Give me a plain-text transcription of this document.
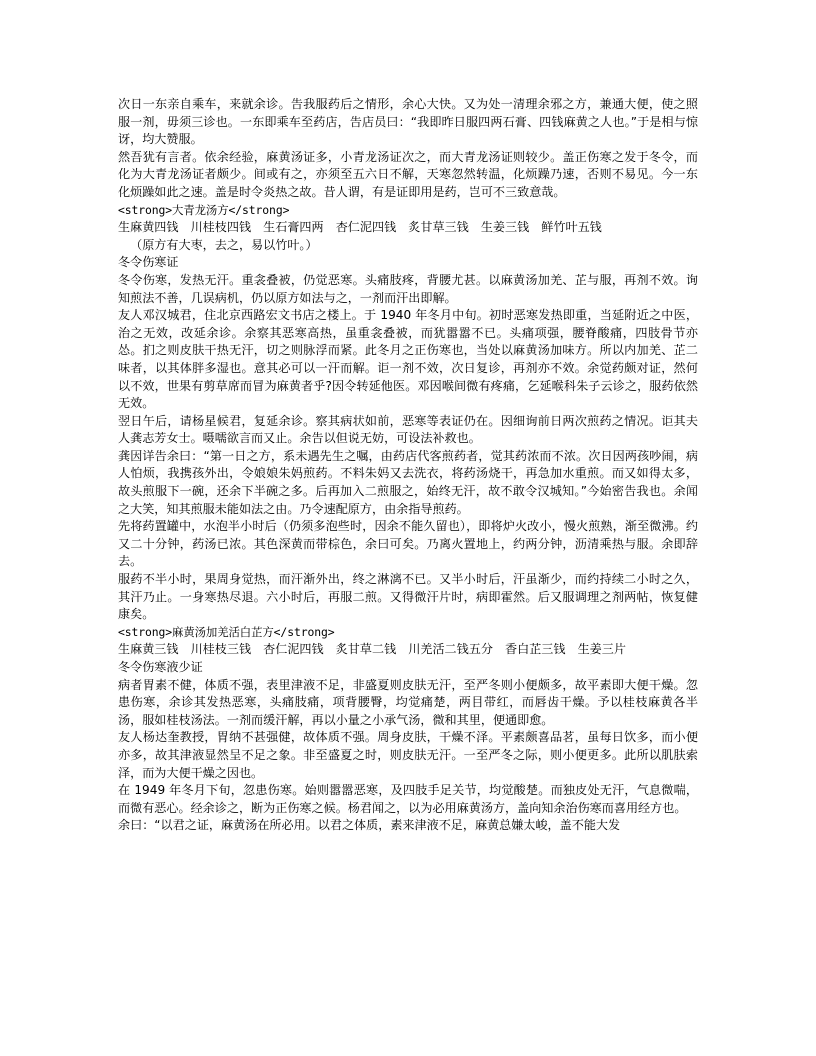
次日一东亲自乘车，来就余诊。告我服药后之情形，余心大快。又为处一清理余邪之方，兼通大便，使之照服一剂，毋须三诊也。一东即乘车至药店，告店员曰：“我即昨日服四两石膏、四钱麻黄之人也。”于是相与惊讶，均大赞服。

然吾犹有言者。依余经验，麻黄汤证多，小青龙汤证次之，而大青龙汤证则较少。盖正伤寒之发于冬令，而化为大青龙汤证者颇少。间或有之，亦须至五六日不解，天寒忽然转温，化烦躁乃速，否则不易见。今一东化烦躁如此之速。盖是时令炎热之故。昔人谓，有是证即用是药，岂可不三致意哉。

<strong>大青龙汤方</strong>

生麻黄四钱　川桂枝四钱　生石膏四两　杏仁泥四钱　炙甘草三钱　生姜三钱　鲜竹叶五钱

（原方有大枣，去之，易以竹叶。）

冬令伤寒证

冬令伤寒，发热无汗。重衾叠被，仍觉恶寒。头痛肢疼，背腰尤甚。以麻黄汤加羌、芷与服，再剂不效。询知煎法不善，几误病机，仍以原方如法与之，一剂而汗出即解。

友人邓汉城君，住北京西路宏文书店之楼上。于 1940 年冬月中旬。初时恶寒发热即重，当延附近之中医，治之无效，改延余诊。余察其恶寒高热，虽重衾叠被，而犹嚣嚣不已。头痛项强，腰脊酸痛，四肢骨节亦怂。扪之则皮肤干热无汗，切之则脉浮而紧。此冬月之正伤寒也，当处以麻黄汤加味方。所以内加羌、芷二味者，以其体胖多湿也。意其必可以一汗而解。讵一剂不效，次日复诊，再剂亦不效。余觉药颇对证，然何以不效，世果有剪草席而冒为麻黄者乎?因令转延他医。邓因喉间微有疼痛，乞延喉科朱子云诊之，服药依然无效。

翌日午后，请杨星候君，复延余诊。察其病状如前，恶寒等表证仍在。因细询前日两次煎药之情况。讵其夫人龚志芳女士。嗫嚅欲言而又止。余告以但说无妨，可设法补救也。

龚因详告余曰：“第一日之方，系未遇先生之嘱，由药店代客煎药者，觉其药浓而不浓。次日因两孩吵闹，病人怕烦，我携孩外出，令娘娘朱妈煎药。不料朱妈又去洗衣，将药汤烧干，再急加水重煎。而又如得太多，故头煎服下一碗，还余下半碗之多。后再加入二煎服之，始终无汗，故不敢令汉城知。”今始密告我也。余闻之大笑，知其煎服未能如法之由。乃令速配原方，由余指导煎药。

先将药置罐中，水泡半小时后（仍须多泡些时，因余不能久留也），即将炉火改小，慢火煎熟，渐至微沸。约又二十分钟，药汤已浓。其色深黄而带棕色，余曰可矣。乃离火置地上，约两分钟，沥清乘热与服。余即辞去。

服药不半小时，果周身觉热，而汗渐外出，终之淋漓不已。又半小时后，汗虽渐少，而约持续二小时之久，其汗乃止。一身寒热尽退。六小时后，再服二煎。又得微汗片时，病即霍然。后又服调理之剂两帖，恢复健康矣。

<strong>麻黄汤加羌活白芷方</strong>

生麻黄三钱　川桂枝三钱　杏仁泥四钱　炙甘草二钱　川羌活二钱五分　香白芷三钱　生姜三片

冬令伤寒液少证

病者胃素不健，体质不强，表里津液不足，非盛夏则皮肤无汗，至严冬则小便颇多，故平素即大便干燥。忽患伤寒，余诊其发热恶寒，头痛肢痛，项背腰臀，均觉痛楚，两目带红，而唇齿干燥。予以桂枝麻黄各半汤，服如桂枝汤法。一剂而缓汗解，再以小量之小承气汤，微和其里，便通即愈。

友人杨达奎教授，胃纳不甚强健，故体质不强。周身皮肤，干燥不泽。平素颇喜品茗，虽每日饮多，而小便亦多，故其津液显然呈不足之象。非至盛夏之时，则皮肤无汗。一至严冬之际，则小便更多。此所以肌肤索泽，而为大便干燥之因也。

在 1949 年冬月下旬，忽患伤寒。始则嚣嚣恶寒，及四肢手足关节，均觉酸楚。而独皮处无汗，气息微喘，而微有恶心。经余诊之，断为正伤寒之候。杨君闻之，以为必用麻黄汤方，盖向知余治伤寒而喜用经方也。

余曰：“以君之证，麻黄汤在所必用。以君之体质，素来津液不足，麻黄总嫌太峻，盖不能大发
